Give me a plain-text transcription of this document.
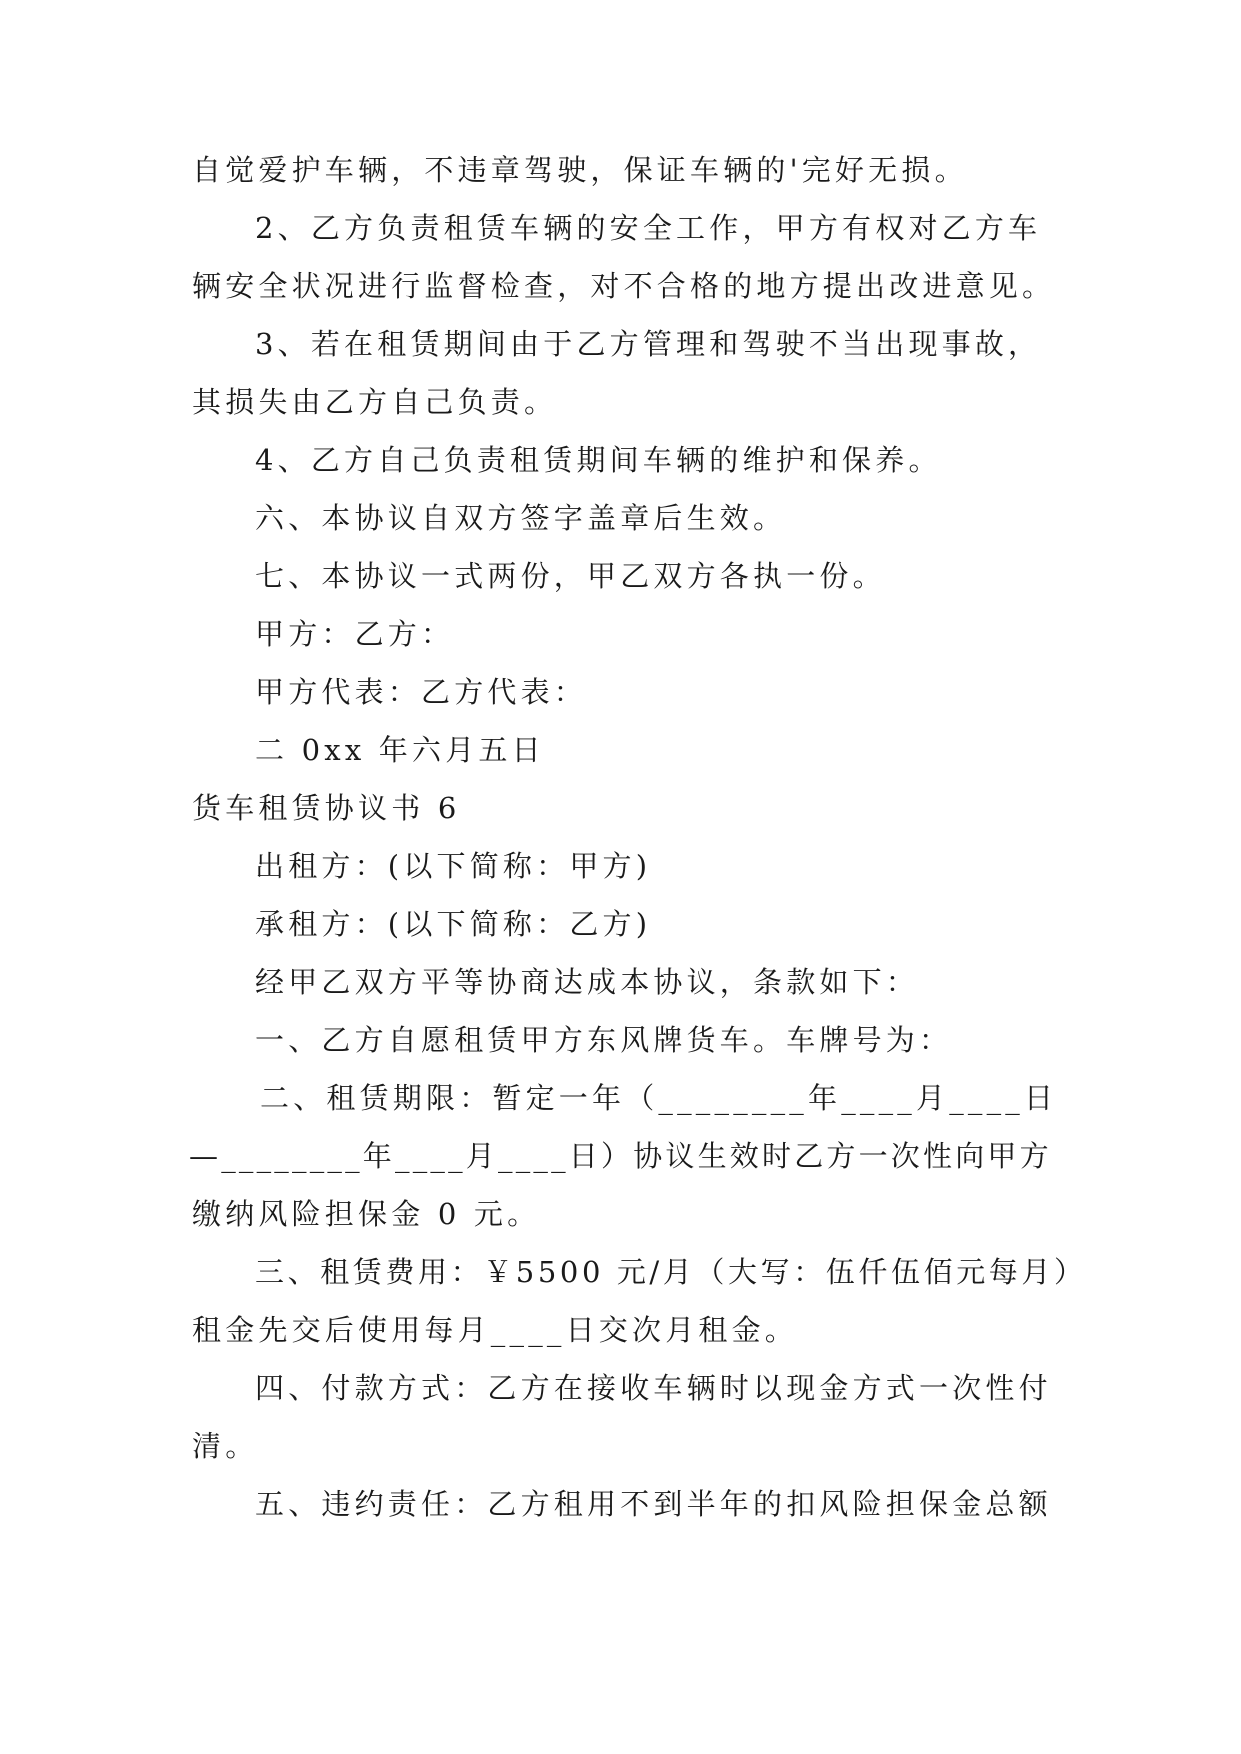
自觉爱护车辆，不违章驾驶，保证车辆的'完好无损。
2、乙方负责租赁车辆的安全工作，甲方有权对乙方车
辆安全状况进行监督检查，对不合格的地方提出改进意见。
3、若在租赁期间由于乙方管理和驾驶不当出现事故，
其损失由乙方自己负责。
4、乙方自己负责租赁期间车辆的维护和保养。
六、本协议自双方签字盖章后生效。
七、本协议一式两份，甲乙双方各执一份。
甲方：乙方：
甲方代表：乙方代表：
二 0xx 年六月五日
货车租赁协议书 6
出租方：(以下简称：甲方)
承租方：(以下简称：乙方)
经甲乙双方平等协商达成本协议，条款如下：
一、乙方自愿租赁甲方东风牌货车。车牌号为：
二、租赁期限：暂定一年（________年____月____日
—________年____月____日）协议生效时乙方一次性向甲方
缴纳风险担保金 0 元。
三、租赁费用：￥5500 元/月（大写：伍仟伍佰元每月）
租金先交后使用每月____日交次月租金。
四、付款方式：乙方在接收车辆时以现金方式一次性付
清。
五、违约责任：乙方租用不到半年的扣风险担保金总额
